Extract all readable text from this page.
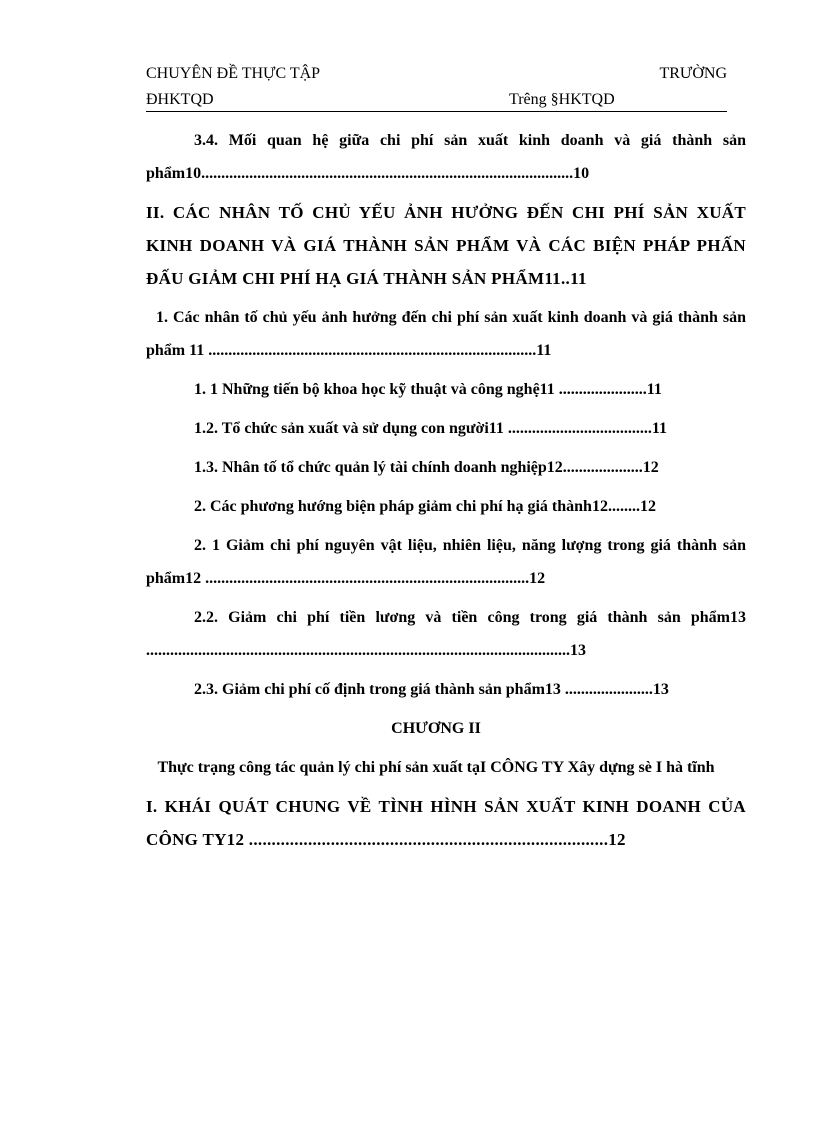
CHUYÊN ĐỀ THỰC TẬP	TRƯỜNG
ĐHKTQD	Trêng §HKTQD

3.4. Mối quan hệ giữa chi phí sản xuất kinh doanh và giá thành sản phẩm10.............................................................................................10

II. CÁC NHÂN TỐ CHỦ YẾU ẢNH HƯỞNG ĐẾN CHI PHÍ SẢN XUẤT KINH DOANH VÀ GIÁ THÀNH SẢN PHẨM VÀ CÁC BIỆN PHÁP PHẤN ĐẤU GIẢM CHI PHÍ HẠ GIÁ THÀNH SẢN PHẨM11..11

1. Các nhân tố chủ yếu ảnh hưởng đến chi phí sản xuất kinh doanh và giá thành sản phẩm 11 ..................................................................................11

1. 1 Những tiến bộ khoa học kỹ thuật và công nghệ11 ......................11

1.2. Tổ chức sản xuất và sử dụng con người11 ....................................11

1.3. Nhân tố tổ chức quản lý tài chính doanh nghiệp12....................12

2. Các phương hướng biện pháp giảm chi phí hạ giá thành12........12

2. 1 Giảm chi phí nguyên vật liệu, nhiên liệu, năng lượng trong giá thành sản phẩm12 .................................................................................12

2.2. Giảm chi phí tiền lương và tiền công trong giá thành sản phẩm13 ..........................................................................................................13

2.3. Giảm chi phí cố định trong giá thành sản phẩm13 ......................13

CHƯƠNG II

Thực trạng công tác quản lý chi phí sản xuất tạI CÔNG TY Xây dựng sè I hà tĩnh

I. KHÁI QUÁT CHUNG VỀ TÌNH HÌNH SẢN XUẤT KINH DOANH CỦA CÔNG TY12 ...............................................................................12
